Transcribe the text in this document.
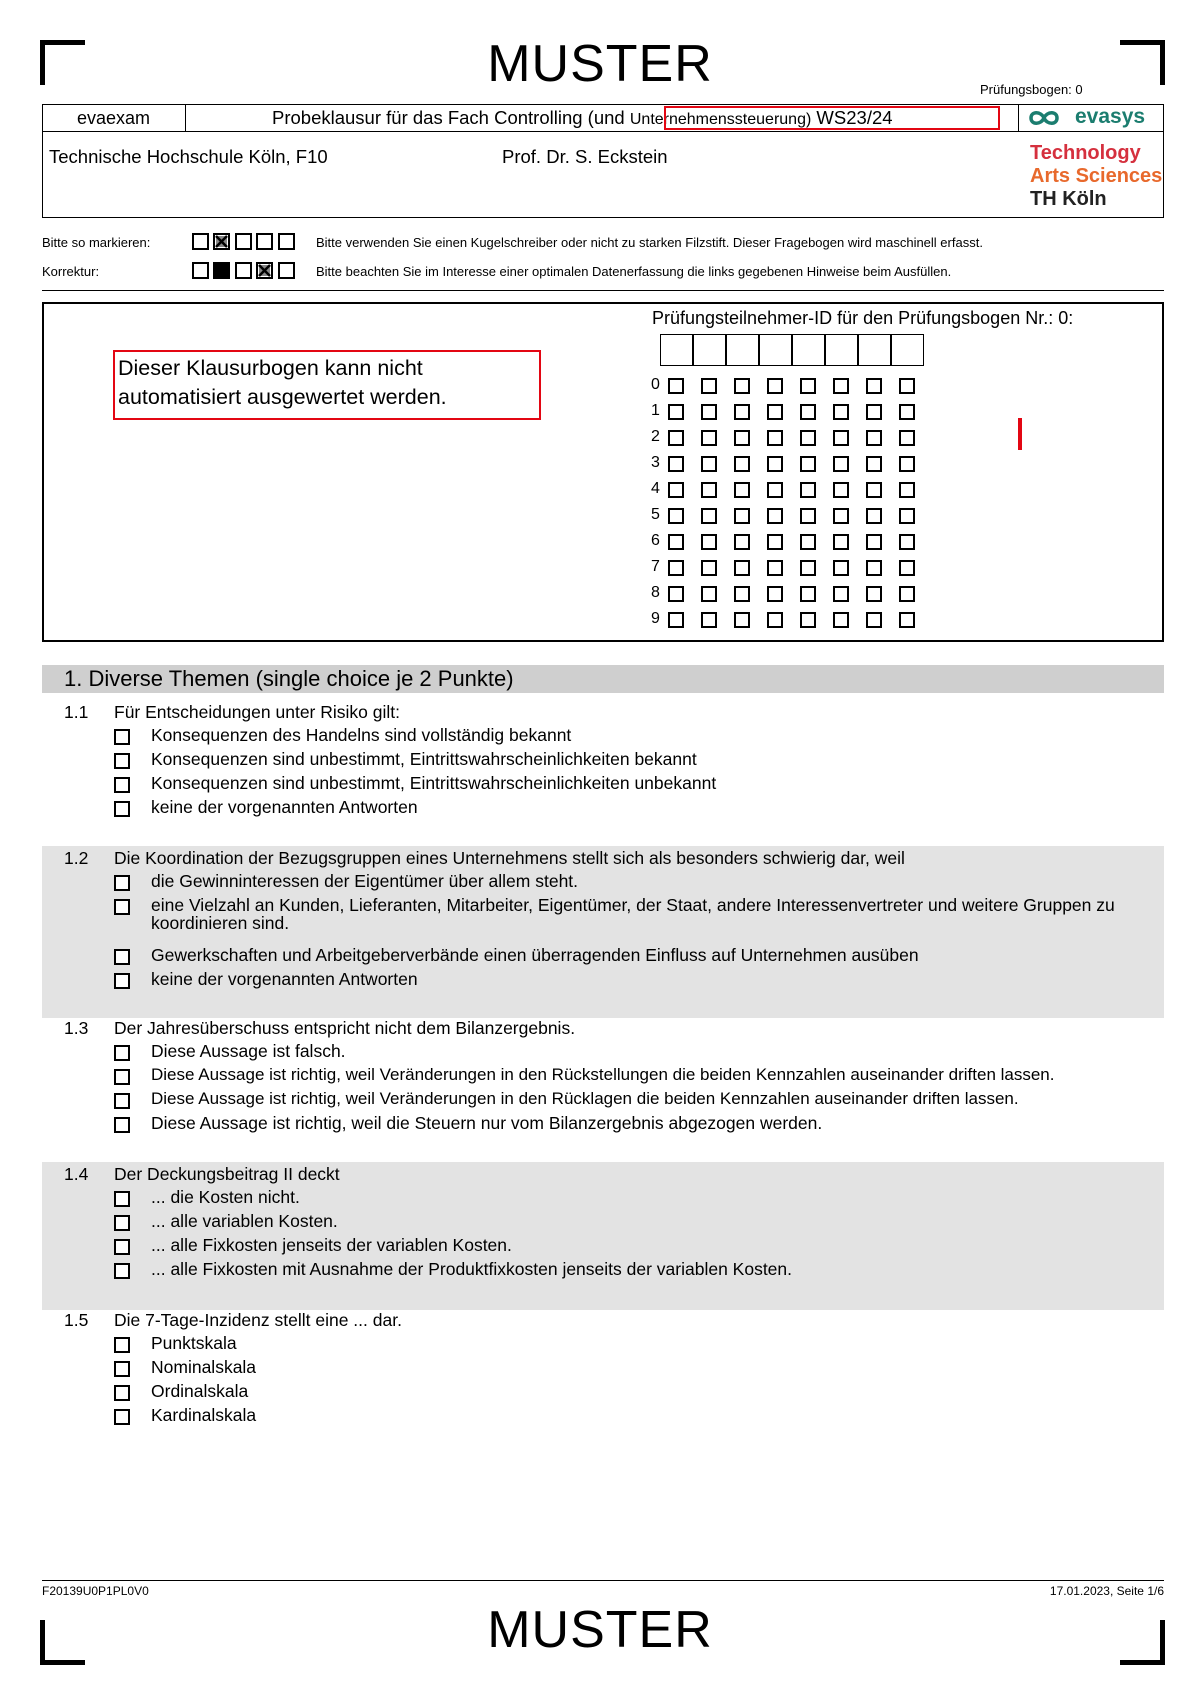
MUSTER
MUSTER
Prüfungsbogen: 0
evaexam	Probeklausur für das Fach Controlling (und Unternehmenssteuerung) WS23/24	evasys
Technische Hochschule Köln, F10	Prof. Dr. S. Eckstein	Technology
Arts Sciences
TH Köln
Bitte so markieren:

	Bitte verwenden Sie einen Kugelschreiber oder nicht zu starken Filzstift. Dieser Fragebogen wird maschinell erfasst.
Korrektur:

	Bitte beachten Sie im Interesse einer optimalen Datenerfassung die links gegebenen Hinweise beim Ausfüllen.
Dieser Klausurbogen kann nicht
automatisiert ausgewertet werden.
Prüfungsteilnehmer-ID für den Prüfungsbogen Nr.: 0:
0
1
2
3
4
5
6
7
8
9
1. Diverse Themen (single choice je 2 Punkte)
1.1 Für Entscheidungen unter Risiko gilt:
Konsequenzen des Handelns sind vollständig bekannt
Konsequenzen sind unbestimmt, Eintrittswahrscheinlichkeiten bekannt
Konsequenzen sind unbestimmt, Eintrittswahrscheinlichkeiten unbekannt
keine der vorgenannten Antworten
1.2 Die Koordination der Bezugsgruppen eines Unternehmens stellt sich als besonders schwierig dar, weil
die Gewinninteressen der Eigentümer über allem steht.
eine Vielzahl an Kunden, Lieferanten, Mitarbeiter, Eigentümer, der Staat, andere Interessenvertreter und weitere Gruppen zu koordinieren sind.
Gewerkschaften und Arbeitgeberverbände einen überragenden Einfluss auf Unternehmen ausüben
keine der vorgenannten Antworten
1.3 Der Jahresüberschuss entspricht nicht dem Bilanzergebnis.
Diese Aussage ist falsch.
Diese Aussage ist richtig, weil Veränderungen in den Rückstellungen die beiden Kennzahlen auseinander driften lassen.
Diese Aussage ist richtig, weil Veränderungen in den Rücklagen die beiden Kennzahlen auseinander driften lassen.
Diese Aussage ist richtig, weil die Steuern nur vom Bilanzergebnis abgezogen werden.
1.4 Der Deckungsbeitrag II deckt
... die Kosten nicht.
... alle variablen Kosten.
... alle Fixkosten jenseits der variablen Kosten.
... alle Fixkosten mit Ausnahme der Produktfixkosten jenseits der variablen Kosten.
1.5 Die 7-Tage-Inzidenz stellt eine ... dar.
Punktskala
Nominalskala
Ordinalskala
Kardinalskala
F20139U0P1PL0V0	17.01.2023, Seite 1/6
